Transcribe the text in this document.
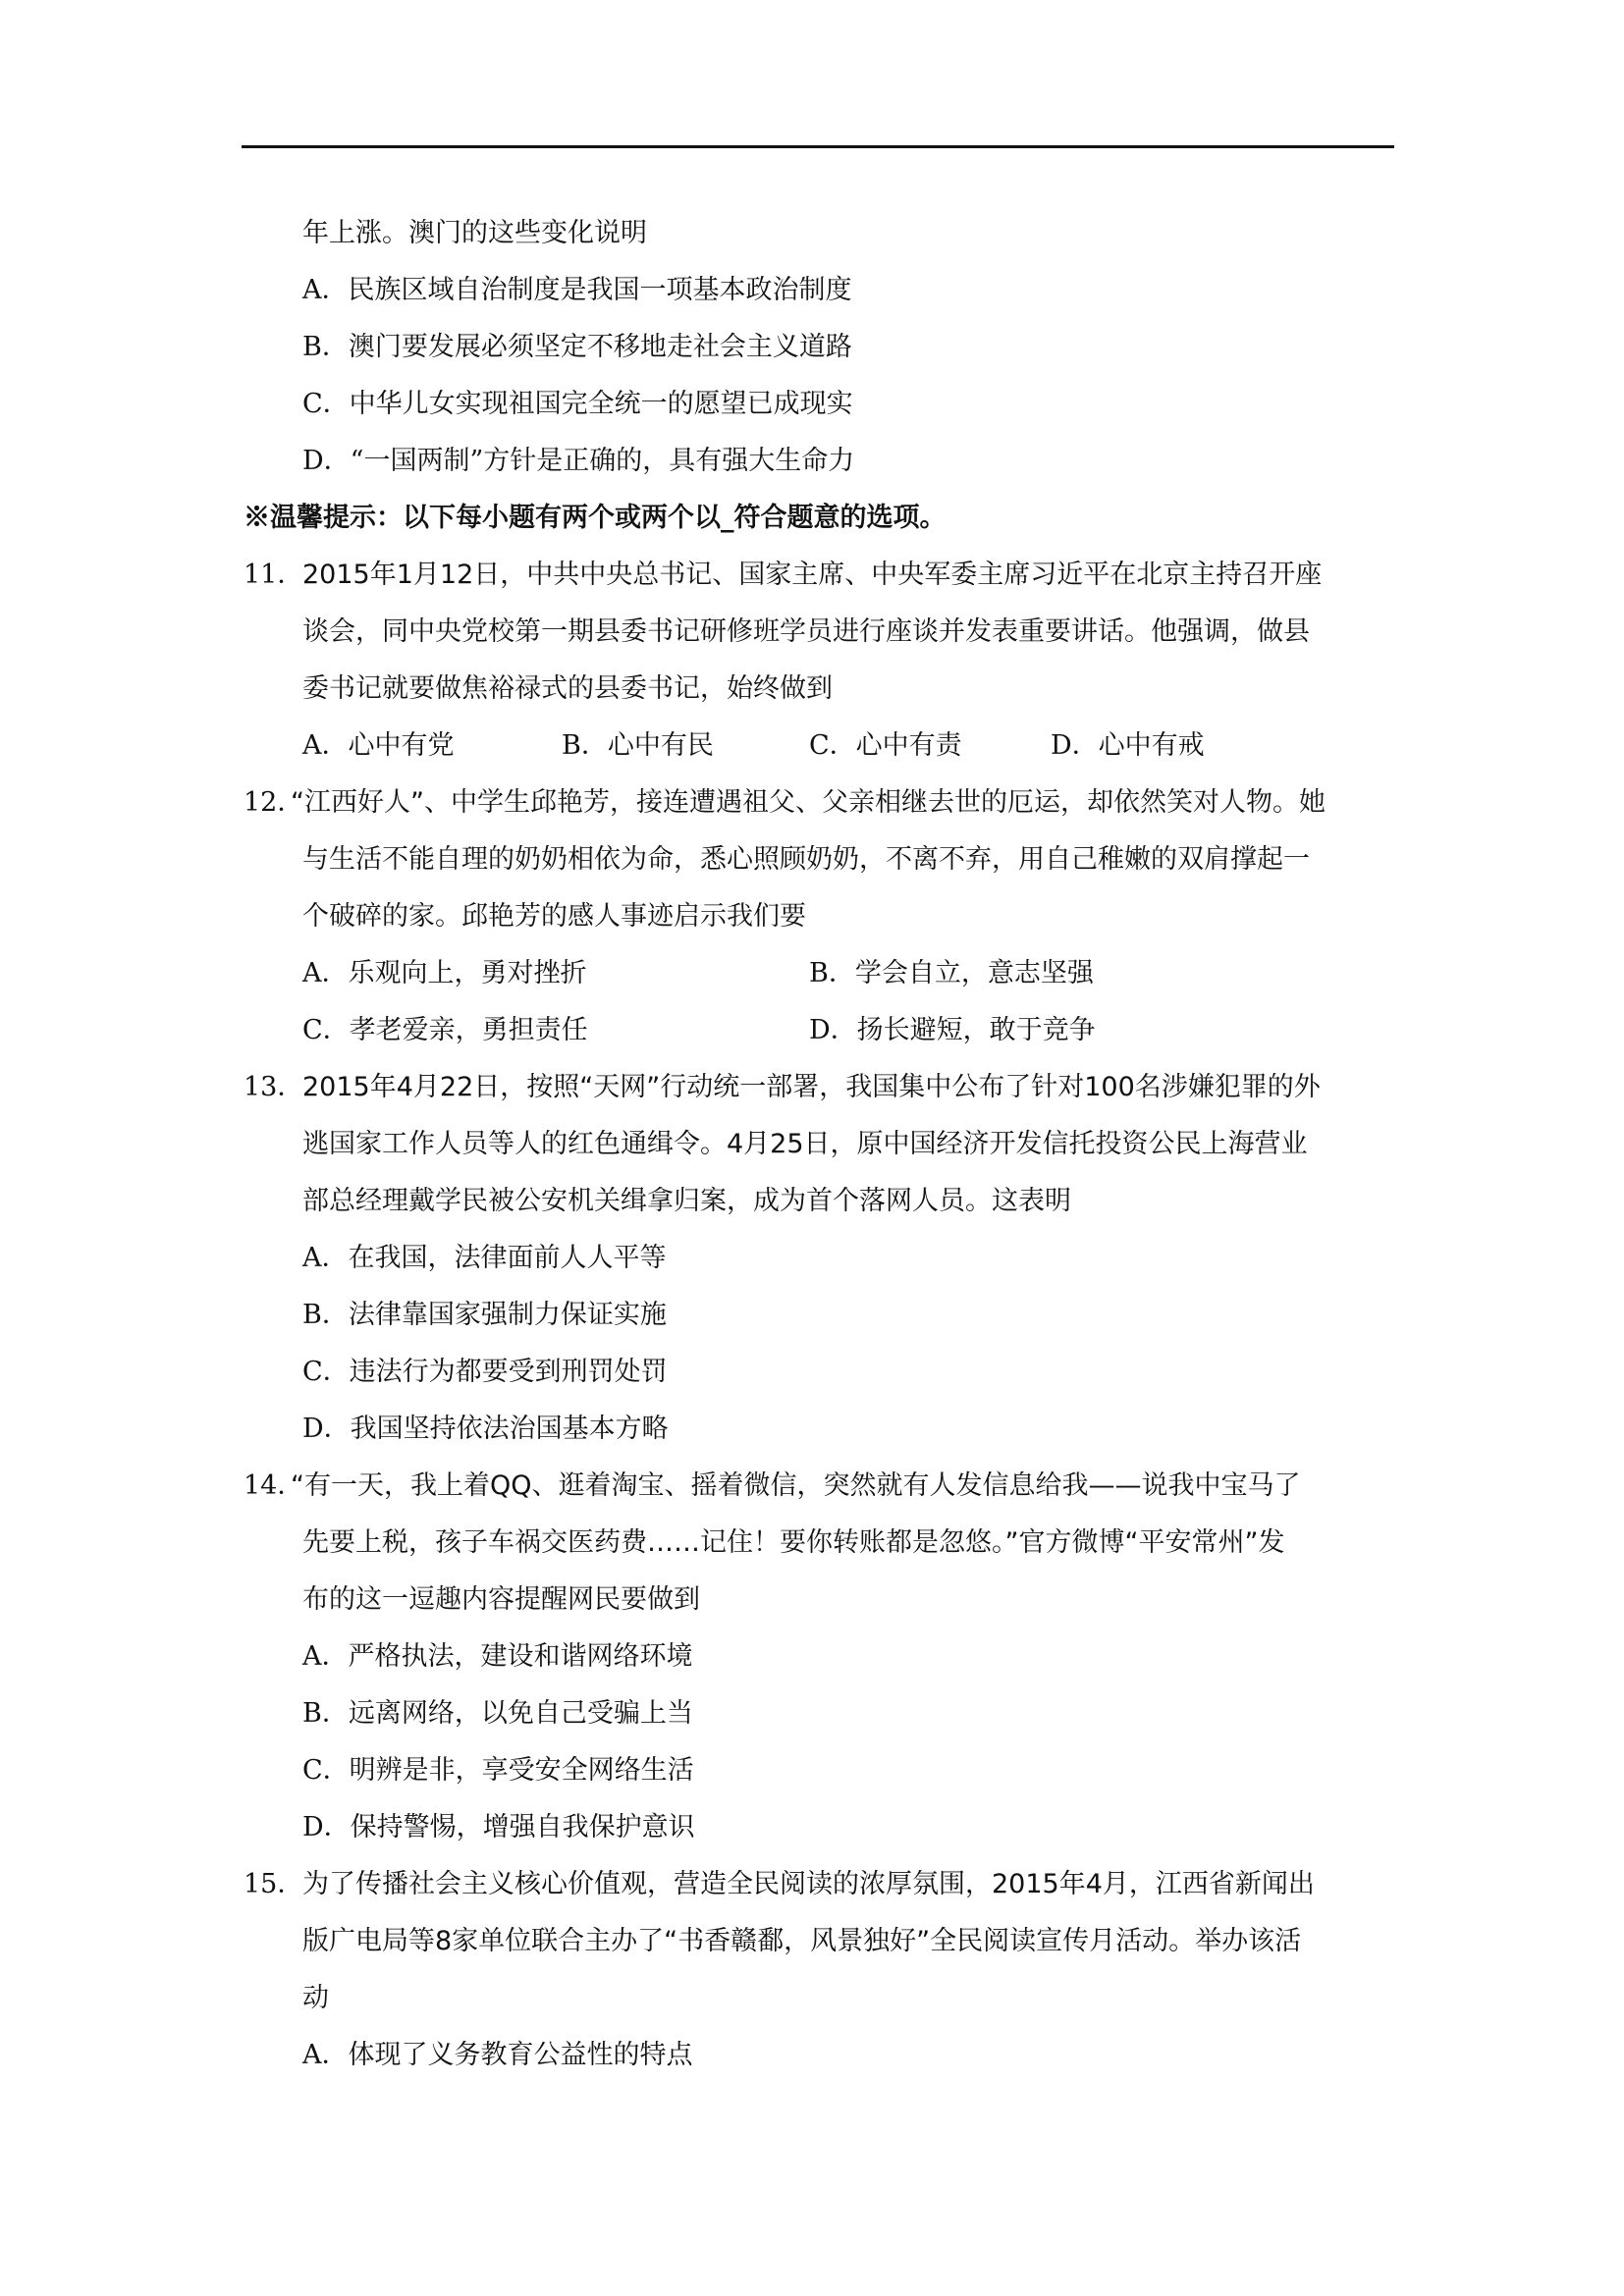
年上涨。澳门的这些变化说明
A．民族区域自治制度是我国一项基本政治制度
B．澳门要发展必须坚定不移地走社会主义道路
C．中华儿女实现祖国完全统一的愿望已成现实
D．“一国两制”方针是正确的，具有强大生命力
※温馨提示：以下每小题有两个或两个以_符合题意的选项。
11．
2015年1月12日，中共中央总书记、国家主席、中央军委主席习近平在北京主持召开座
谈会，同中央党校第一期县委书记研修班学员进行座谈并发表重要讲话。他强调，做县
委书记就要做焦裕禄式的县委书记，始终做到
A．心中有党	B．心中有民	C．心中有责	D．心中有戒
12．
“江西好人”、中学生邱艳芳，接连遭遇祖父、父亲相继去世的厄运，却依然笑对人物。她
与生活不能自理的奶奶相依为命，悉心照顾奶奶，不离不弃，用自己稚嫩的双肩撑起一
个破碎的家。邱艳芳的感人事迹启示我们要
A．乐观向上，勇对挫折	B．学会自立，意志坚强
C．孝老爱亲，勇担责任	D．扬长避短，敢于竞争
13．
2015年4月22日，按照“天网”行动统一部署，我国集中公布了针对100名涉嫌犯罪的外
逃国家工作人员等人的红色通缉令。4月25日，原中国经济开发信托投资公民上海营业
部总经理戴学民被公安机关缉拿归案，成为首个落网人员。这表明
A．在我国，法律面前人人平等
B．法律靠国家强制力保证实施
C．违法行为都要受到刑罚处罚
D．我国坚持依法治国基本方略
14．
“有一天，我上着QQ、逛着淘宝、摇着微信，突然就有人发信息给我——说我中宝马了
先要上税，孩子车祸交医药费……记住！要你转账都是忽悠。”官方微博“平安常州”发
布的这一逗趣内容提醒网民要做到
A．严格执法，建设和谐网络环境
B．远离网络，以免自己受骗上当
C．明辨是非，享受安全网络生活
D．保持警惕，增强自我保护意识
15．
为了传播社会主义核心价值观，营造全民阅读的浓厚氛围，2015年4月，江西省新闻出
版广电局等8家单位联合主办了“书香赣鄱，风景独好”全民阅读宣传月活动。举办该活
动
A．体现了义务教育公益性的特点
